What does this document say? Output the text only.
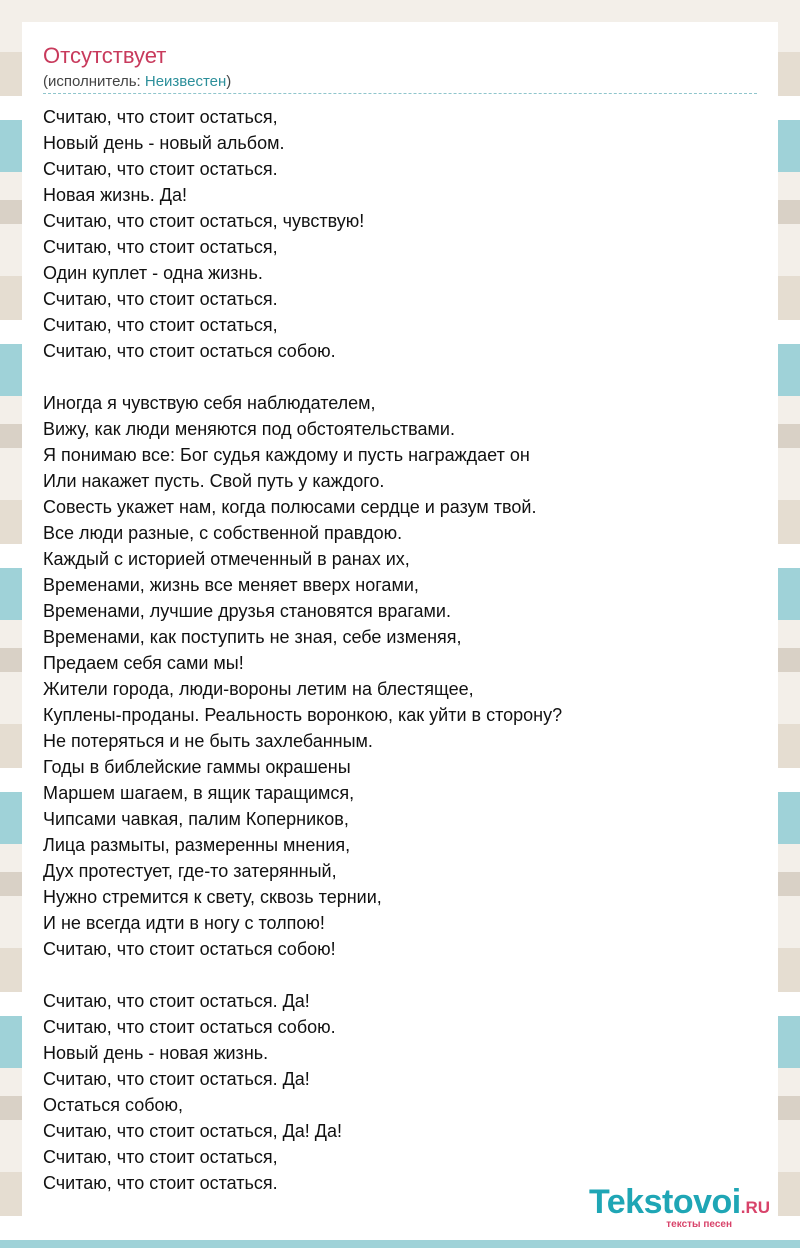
Отсутствует
(исполнитель: Неизвестен)
Считаю, что стоит остаться,
Новый день - новый альбом.
Считаю, что стоит остаться.
Новая жизнь. Да!
Считаю, что стоит остаться, чувствую!
Считаю, что стоит остаться,
Один куплет - одна жизнь.
Считаю, что стоит остаться.
Считаю, что стоит остаться,
Считаю, что стоит остаться собою.
Иногда я чувствую себя наблюдателем,
Вижу, как люди меняются под обстоятельствами.
Я понимаю все: Бог судья каждому и пусть награждает он
Или накажет пусть. Свой путь у каждого.
Совесть укажет нам, когда полюсами сердце и разум твой.
Все люди разные, с собственной правдою.
Каждый с историей отмеченный в ранах их,
Временами, жизнь все меняет вверх ногами,
Временами, лучшие друзья становятся врагами.
Временами, как поступить не зная, себе изменяя,
Предаем себя сами мы!
Жители города, люди-вороны летим на блестящее,
Куплены-проданы. Реальность воронкою, как уйти в сторону?
Не потеряться и не быть захлебанным.
Годы в библейские гаммы окрашены
Маршем шагаем, в ящик таращимся,
Чипсами чавкая, палим Коперников,
Лица размыты, размеренны мнения,
Дух протестует, где-то затерянный,
Нужно стремится к свету, сквозь тернии,
И не всегда идти в ногу с толпою!
Считаю, что стоит остаться собою!
Считаю, что стоит остаться. Да!
Считаю, что стоит остаться собою.
Новый день - новая жизнь.
Считаю, что стоит остаться. Да!
Остаться собою,
Считаю, что стоит остаться, Да! Да!
Считаю, что стоит остаться,
Считаю, что стоит остаться.	Tekstovoi.RU
тексты песен
